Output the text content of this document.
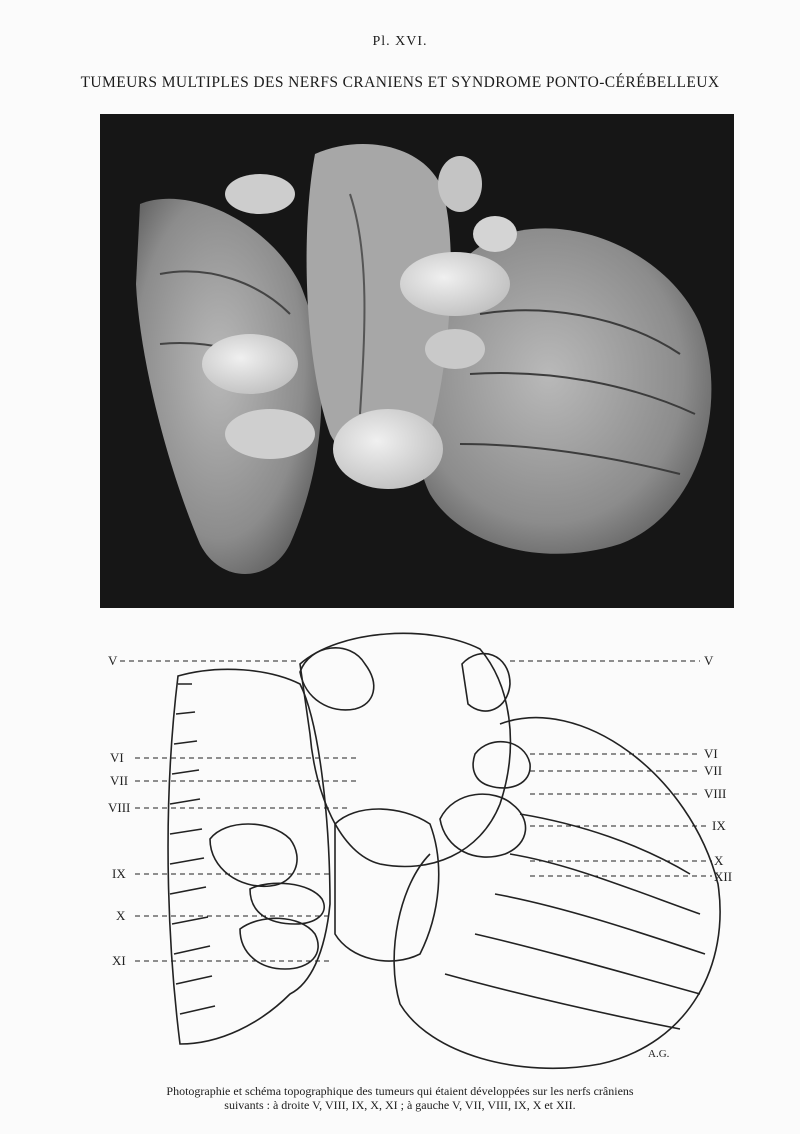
Pl. XVI.
TUMEURS MULTIPLES DES NERFS CRANIENS ET SYNDROME PONTO-CÉRÉBELLEUX
V
VI
VII
VIII
IX
X
XI
V
VI
VII
VIII
IX
X
XII
A.G.
Photographie et schéma topographique des tumeurs qui étaient développées sur les nerfs crâniens
suivants : à droite V, VIII, IX, X, XI ; à gauche V, VII, VIII, IX, X et XII.
